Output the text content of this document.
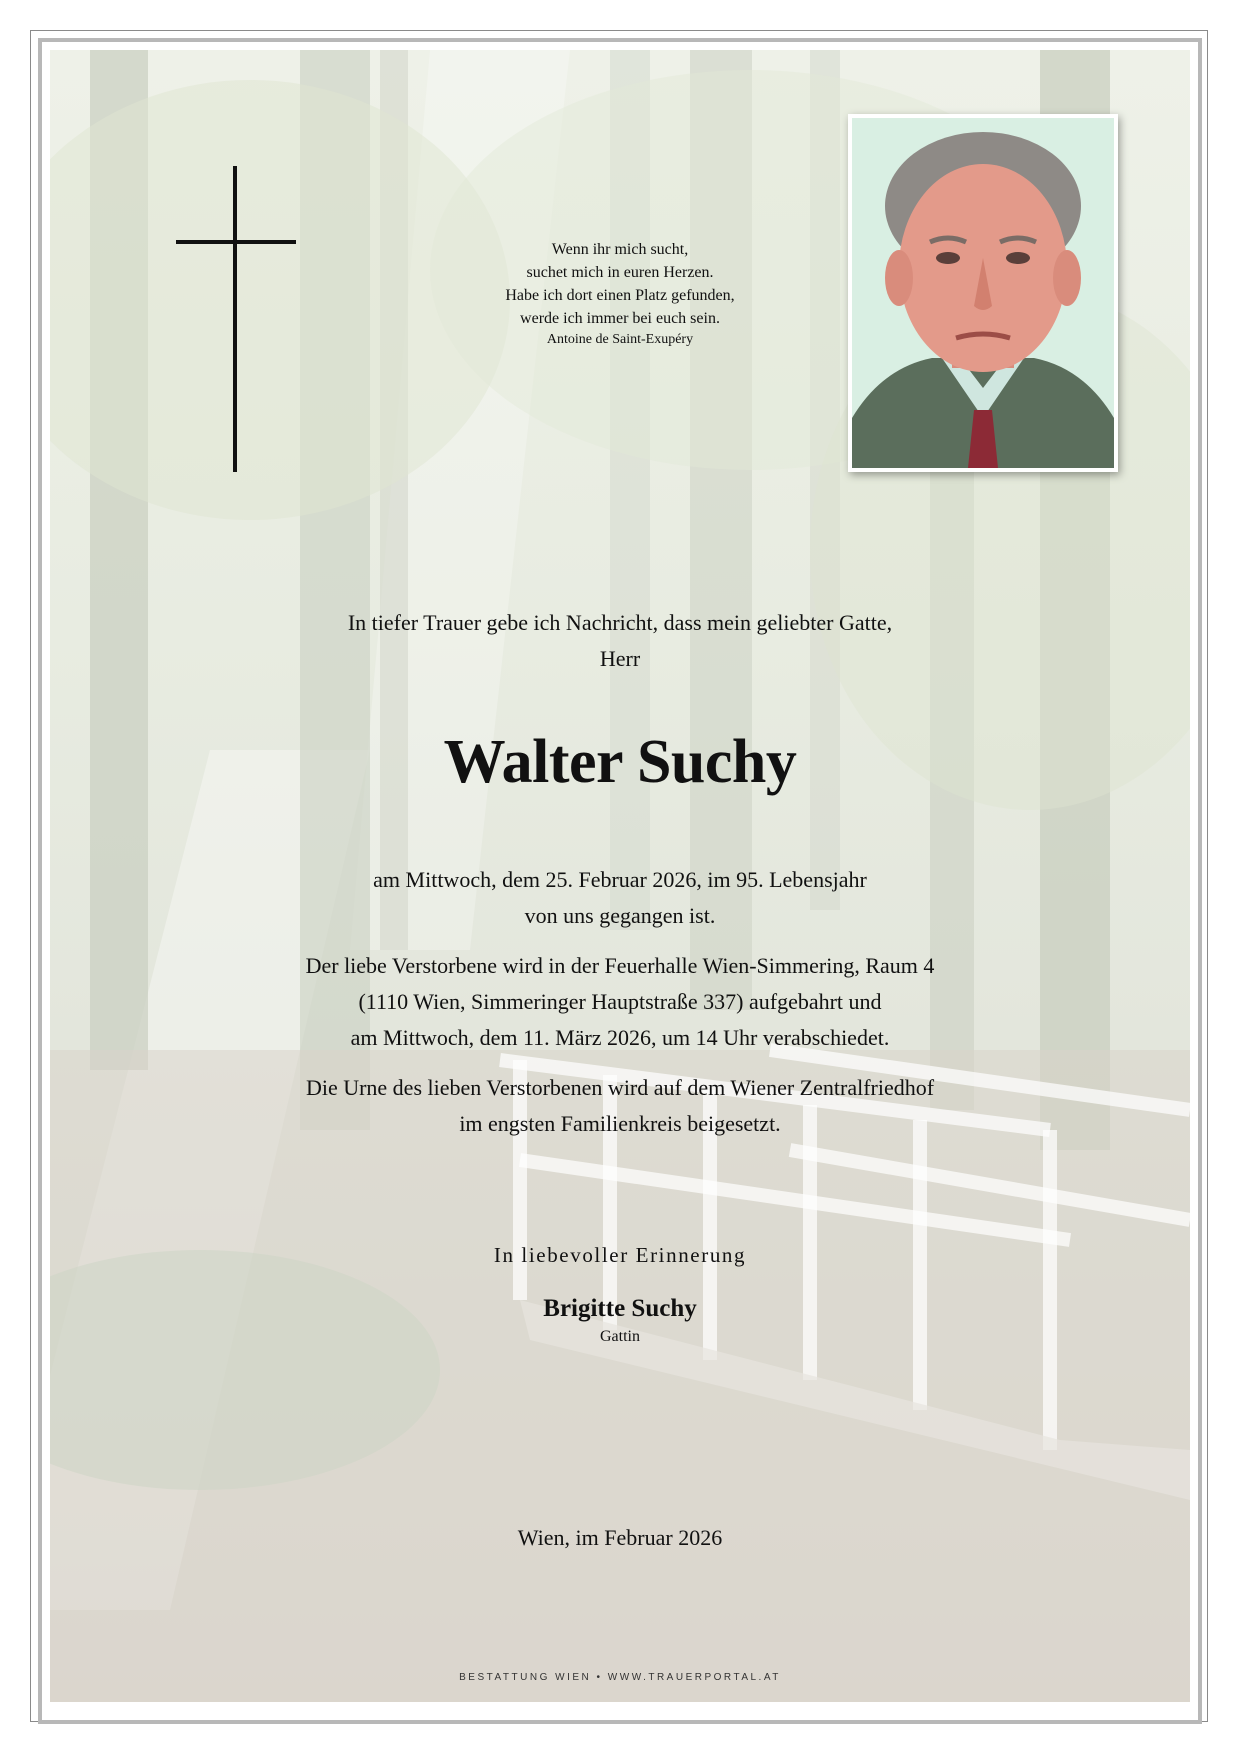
Wenn ihr mich sucht,
suchet mich in euren Herzen.
Habe ich dort einen Platz gefunden,
werde ich immer bei euch sein.
Antoine de Saint-Exupéry
In tiefer Trauer gebe ich Nachricht, dass mein geliebter Gatte,
Herr
Walter Suchy
am Mittwoch, dem 25. Februar 2026, im 95. Lebensjahr
von uns gegangen ist.
Der liebe Verstorbene wird in der Feuerhalle Wien-Simmering, Raum 4
(1110 Wien, Simmeringer Hauptstraße 337) aufgebahrt und
am Mittwoch, dem 11. März 2026, um 14 Uhr verabschiedet.
Die Urne des lieben Verstorbenen wird auf dem Wiener Zentralfriedhof
im engsten Familienkreis beigesetzt.
In liebevoller Erinnerung
Brigitte Suchy
Gattin
Wien, im Februar 2026
BESTATTUNG WIEN • WWW.TRAUERPORTAL.AT
